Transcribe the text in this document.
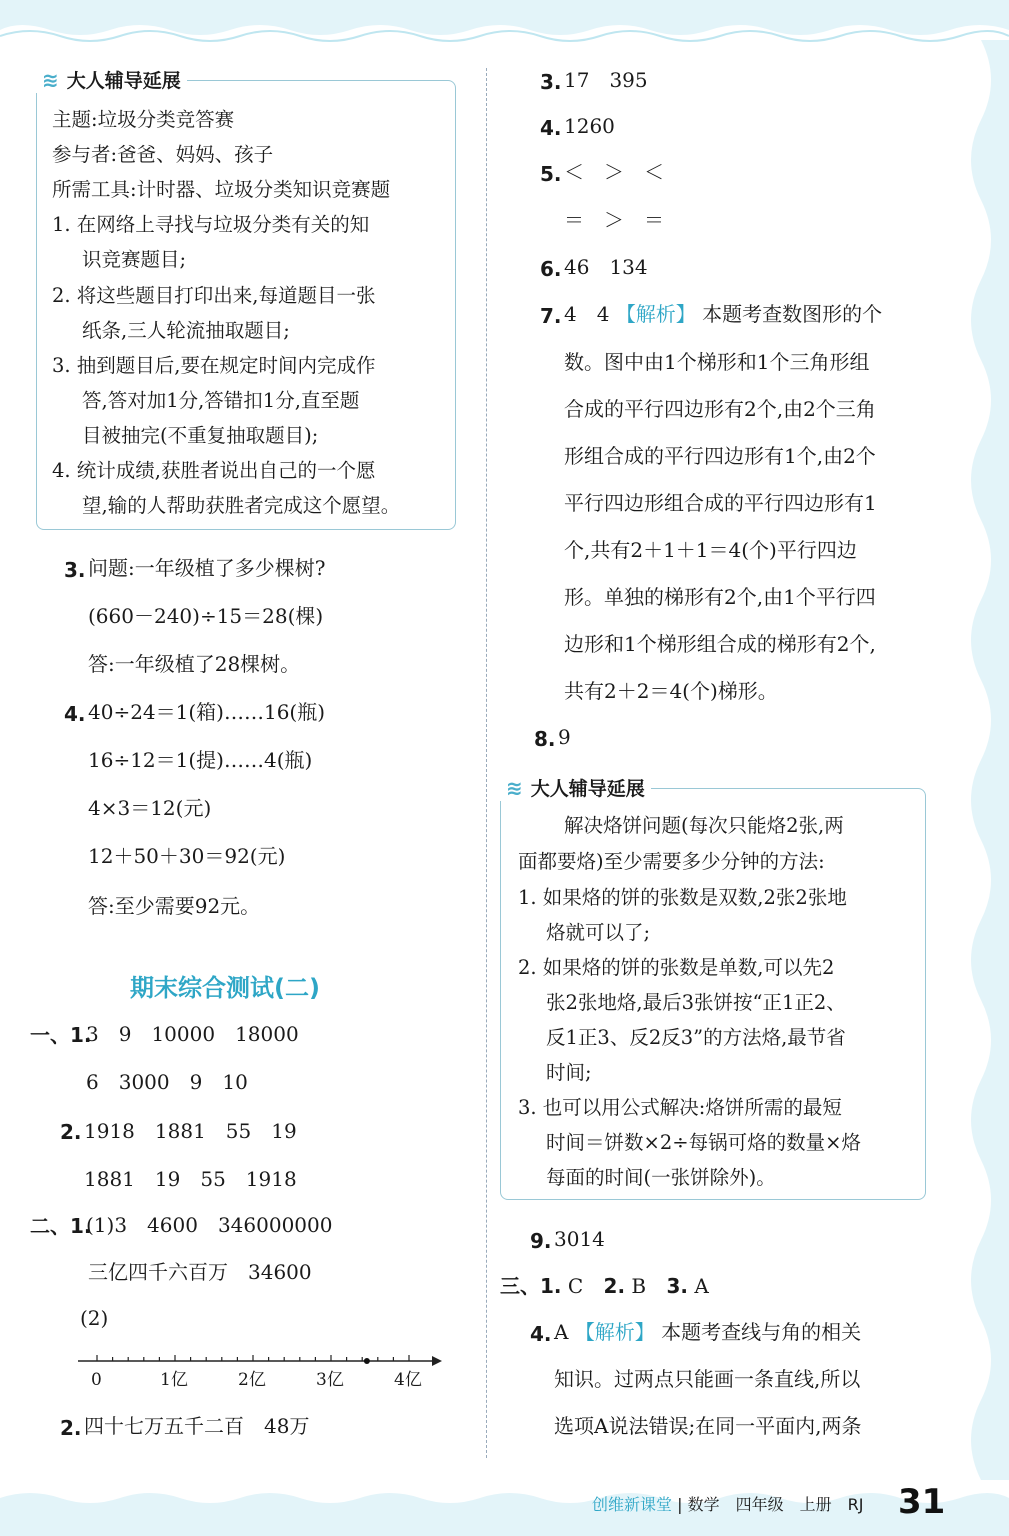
≋ 大人辅导延展
主题:垃圾分类竞答赛
参与者:爸爸、妈妈、孩子
所需工具:计时器、垃圾分类知识竞赛题
1. 在网络上寻找与垃圾分类有关的知
识竞赛题目;
2. 将这些题目打印出来,每道题目一张
纸条,三人轮流抽取题目;
3. 抽到题目后,要在规定时间内完成作
答,答对加1分,答错扣1分,直至题
目被抽完(不重复抽取题目);
4. 统计成绩,获胜者说出自己的一个愿
望,输的人帮助获胜者完成这个愿望。
3. 问题:一年级植了多少棵树?
(660－240)÷15＝28(棵)
答:一年级植了28棵树。
4. 40÷24＝1(箱)……16(瓶)
16÷12＝1(提)……4(瓶)
4×3＝12(元)
12＋50＋30＝92(元)
答:至少需要92元。
期末综合测试(二)
一、1.
3　9　10000　18000
6　3000　9　10
2. 1918　1881　55　19
1881　19　55　1918
二、1.
(1)3　4600　346000000
三亿四千六百万　34600
(2)
0	1亿	2亿	3亿	4亿
2. 四十七万五千二百　48万
3. 17　395
4. 1260
5. ＜　＞　＜
＝　＞　＝
6. 46　134
7. 4　4 【解析】 本题考查数图形的个
数。图中由1个梯形和1个三角形组
合成的平行四边形有2个,由2个三角
形组合成的平行四边形有1个,由2个
平行四边形组合成的平行四边形有1
个,共有2＋1＋1＝4(个)平行四边
形。单独的梯形有2个,由1个平行四
边形和1个梯形组合成的梯形有2个,
共有2＋2＝4(个)梯形。
8. 9
≋ 大人辅导延展
解决烙饼问题(每次只能烙2张,两
面都要烙)至少需要多少分钟的方法:
1. 如果烙的饼的张数是双数,2张2张地
烙就可以了;
2. 如果烙的饼的张数是单数,可以先2
张2张地烙,最后3张饼按“正1正2、
反1正3、反2反3”的方法烙,最节省
时间;
3. 也可以用公式解决:烙饼所需的最短
时间＝饼数×2÷每锅可烙的数量×烙
每面的时间(一张饼除外)。
9. 3014
三、1. C 2. B 3. A
4. A 【解析】 本题考查线与角的相关
知识。过两点只能画一条直线,所以
选项A说法错误;在同一平面内,两条
创维新课堂 | 数学　四年级　上册　RJ 31
